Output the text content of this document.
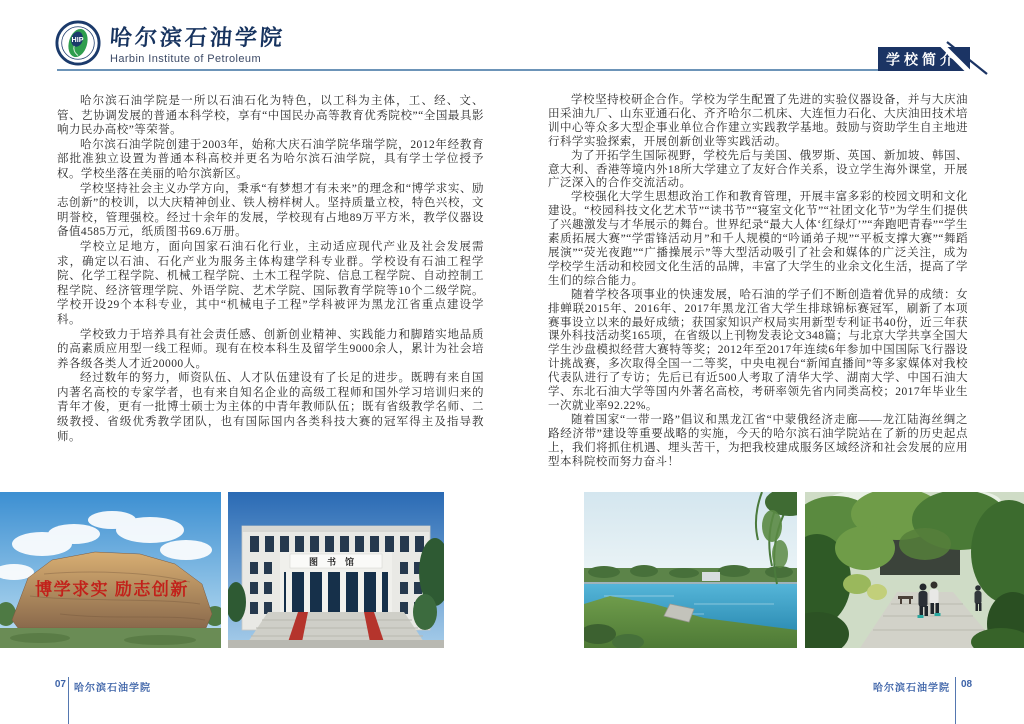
HIP 哈尔滨石油学院
Harbin Institute of Petroleum	学校简介

哈尔滨石油学院是一所以石油石化为特色，以工科为主体，工、经、文、管、艺协调发展的普通本科学校，享有“中国民办高等教育优秀院校”“全国最具影响力民办高校”等荣誉。

哈尔滨石油学院创建于2003年，始称大庆石油学院华瑞学院，2012年经教育部批准独立设置为普通本科高校并更名为哈尔滨石油学院，具有学士学位授予权。学校坐落在美丽的哈尔滨新区。

学校坚持社会主义办学方向，秉承“有梦想才有未来”的理念和“博学求实、励志创新”的校训，以大庆精神创业、铁人榜样树人。坚持质量立校，特色兴校，文明誉校，管理强校。经过十余年的发展，学校现有占地89万平方米，教学仪器设备值4585万元，纸质图书69.6万册。

学校立足地方，面向国家石油石化行业，主动适应现代产业及社会发展需求，确定以石油、石化产业为服务主体构建学科专业群。学校设有石油工程学院、化学工程学院、机械工程学院、土木工程学院、信息工程学院、自动控制工程学院、经济管理学院、外语学院、艺术学院、国际教育学院等10个二级学院。学校开设29个本科专业，其中“机械电子工程”学科被评为黑龙江省重点建设学科。

学校致力于培养具有社会责任感、创新创业精神、实践能力和脚踏实地品质的高素质应用型一线工程师。现有在校本科生及留学生9000余人，累计为社会培养各级各类人才近20000人。

经过数年的努力，师资队伍、人才队伍建设有了长足的进步。既聘有来自国内著名高校的专家学者，也有来自知名企业的高级工程师和国外学习培训归来的青年才俊，更有一批博士硕士为主体的中青年教师队伍；既有省级教学名师、二级教授、省级优秀教学团队，也有国际国内各类科技大赛的冠军得主及指导教师。

学校坚持校研企合作。学校为学生配置了先进的实验仪器设备，并与大庆油田采油九厂、山东亚通石化、齐齐哈尔二机床、大连恒力石化、大庆油田技术培训中心等众多大型企事业单位合作建立实践教学基地。鼓励与资助学生自主地进行科学实验探索，开展创新创业等实践活动。

为了开拓学生国际视野，学校先后与美国、俄罗斯、英国、新加坡、韩国、意大利、香港等境内外18所大学建立了友好合作关系，设立学生海外课堂，开展广泛深入的合作交流活动。

学校强化大学生思想政治工作和教育管理，开展丰富多彩的校园文明和文化建设。“校园科技文化艺术节”“读书节”“寝室文化节”“社团文化节”为学生们提供了兴趣激发与才华展示的舞台。世界纪录“最大人体‘红绿灯’”“奔跑吧青春”“学生素质拓展大赛”“学雷锋活动月”和千人规模的“吟诵弟子规”“平板支撑大赛”“舞蹈展演”“荧光夜跑”“广播操展示”等大型活动吸引了社会和媒体的广泛关注，成为学校学生活动和校园文化生活的品牌，丰富了大学生的业余文化生活，提高了学生们的综合能力。

随着学校各项事业的快速发展，哈石油的学子们不断创造着优异的成绩：女排蝉联2015年、2016年、2017年黑龙江省大学生排球锦标赛冠军，刷新了本项赛事设立以来的最好成绩；获国家知识产权局实用新型专利证书40份，近三年获课外科技活动奖165项，在省级以上刊物发表论文348篇；与北京大学共享全国大学生沙盘模拟经营大赛特等奖；2012年至2017年连续6年参加中国国际飞行器设计挑战赛，多次取得全国一二等奖，中央电视台“新闻直播间”等多家媒体对我校代表队进行了专访；先后已有近500人考取了清华大学、湖南大学、中国石油大学、东北石油大学等国内外著名高校，考研率领先省内同类高校；2017年毕业生一次就业率92.22%。

随着国家“一带一路”倡议和黑龙江省“中蒙俄经济走廊——龙江陆海丝绸之路经济带”建设等重要战略的实施，今天的哈尔滨石油学院站在了新的历史起点上，我们将抓住机遇、埋头苦干，为把我校建成服务区域经济和社会发展的应用型本科院校而努力奋斗！

博学求实 励志创新
图书馆
07 哈尔滨石油学院	哈尔滨石油学院 08
